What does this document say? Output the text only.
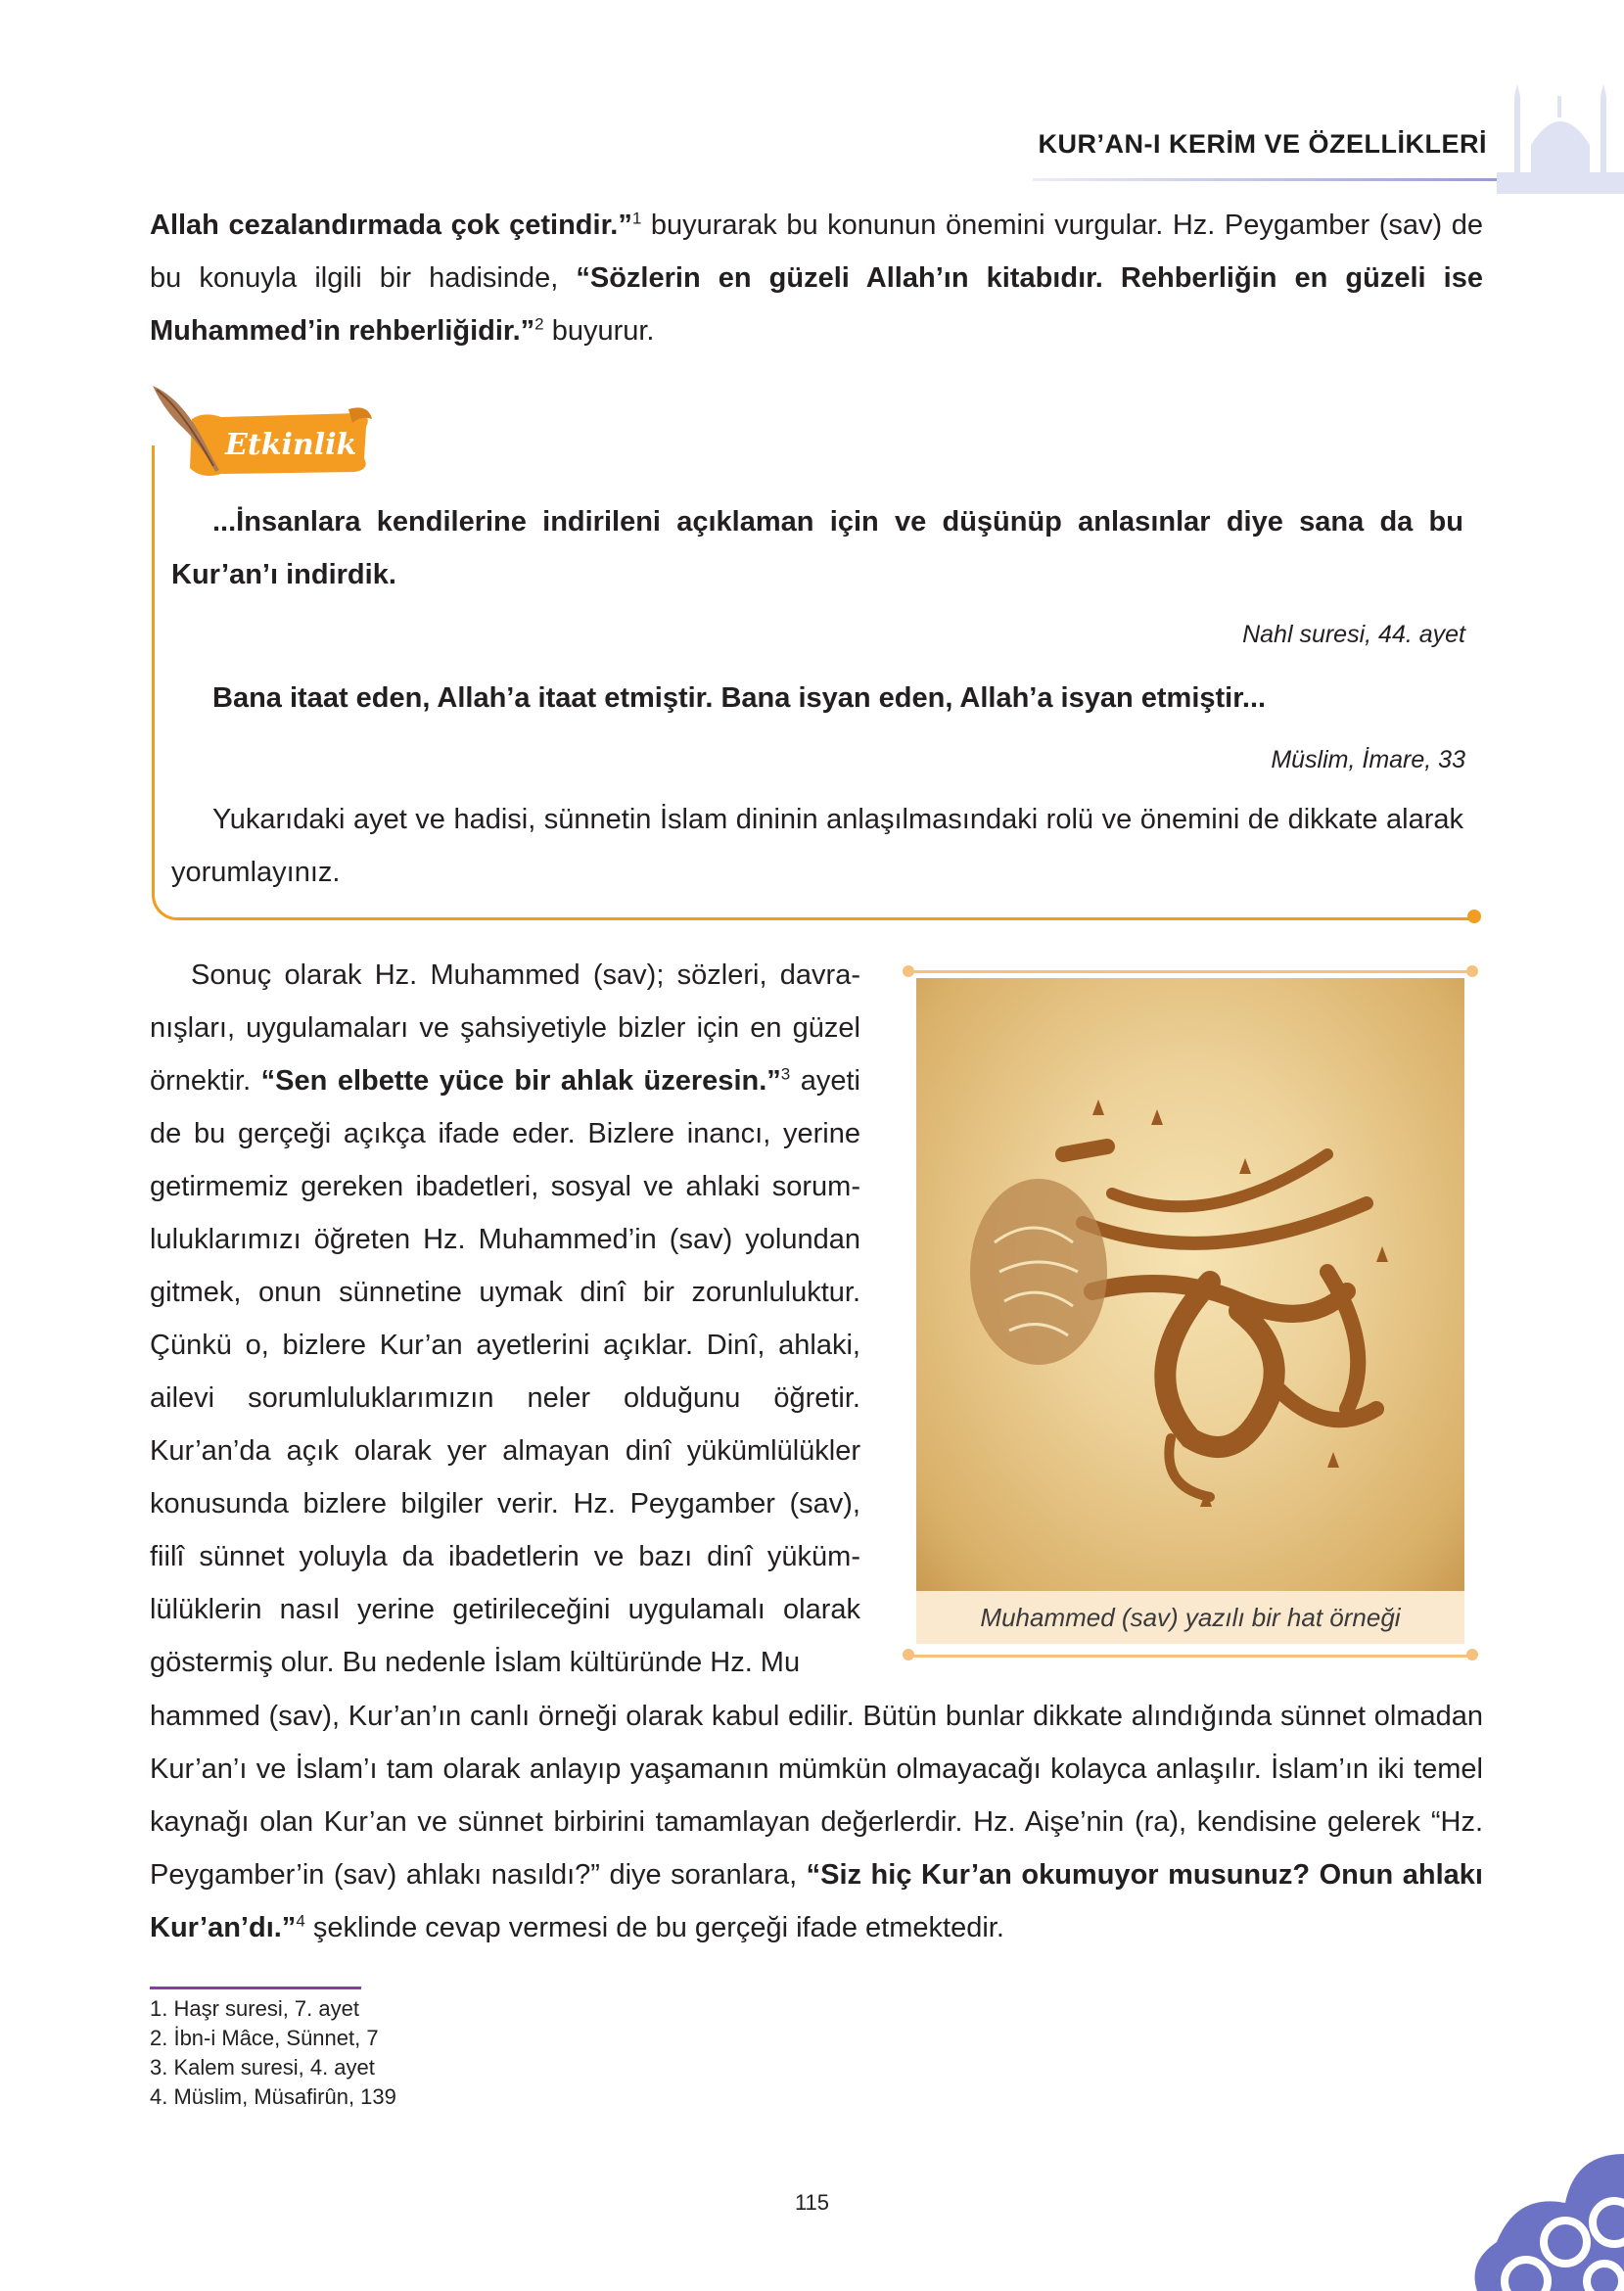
KUR’AN-I KERİM VE ÖZELLİKLERİ
Allah cezalandırmada çok çetindir.”$^1$ buyurarak bu konunun önemini vurgular. Hz. Peygamber (sav) de bu konuyla ilgili bir hadisinde, “Sözlerin en güzeli Allah’ın kitabıdır. Rehberliğin en güzeli ise Muhammed’in rehberliğidir.”$^2$ buyurur.
Etkinlik
...İnsanlara kendilerine indirileni açıklaman için ve düşünüp anlasınlar diye sana da bu Kur’an’ı indirdik.
Nahl suresi, 44. ayet
Bana itaat eden, Allah’a itaat etmiştir. Bana isyan eden, Allah’a isyan etmiştir...
Müslim, İmare, 33
Yukarıdaki ayet ve hadisi, sünnetin İslam dininin anlaşılmasındaki rolü ve önemini de dikkate alarak yorumlayınız.
Sonuç olarak Hz. Muhammed (sav); sözleri, davranışları, uygulamaları ve şahsiyetiyle bizler için en güzel örnektir. “Sen elbette yüce bir ahlak üzeresin.”$^3$ ayeti de bu gerçeği açıkça ifade eder. Bizlere inancı, yerine getirmemiz gereken ibadetleri, sosyal ve ahlaki sorumluluklarımızı öğreten Hz. Muhammed’in (sav) yolundan gitmek, onun sünnetine uymak dinî bir zorunluluktur. Çünkü o, bizlere Kur’an ayetlerini açıklar. Dinî, ahlaki, ailevi sorumluluklarımızın neler olduğunu öğretir. Kur’an’da açık olarak yer almayan dinî yükümlülükler konusunda bizlere bilgiler verir. Hz. Peygamber (sav), fiilî sünnet yoluyla da ibadetlerin ve bazı dinî yükümlülüklerin nasıl yerine getirileceğini uygulamalı olarak göstermiş olur. Bu nedenle İslam kültüründe Hz. Mu
hammed (sav), Kur’an’ın canlı örneği olarak kabul edilir. Bütün bunlar dikkate alındığında sünnet olmadan Kur’an’ı ve İslam’ı tam olarak anlayıp yaşamanın mümkün olmayacağı kolayca anlaşılır. İslam’ın iki temel kaynağı olan Kur’an ve sünnet birbirini tamamlayan değerlerdir. Hz. Aişe’nin (ra), kendisine gelerek “Hz. Peygamber’in (sav) ahlakı nasıldı?” diye soranlara, “Siz hiç Kur’an okumuyor musunuz? Onun ahlakı Kur’an’dı.”$^4$ şeklinde cevap vermesi de bu gerçeği ifade etmektedir.
Muhammed (sav) yazılı bir hat örneği
1. Haşr suresi, 7. ayet
2. İbn-i Mâce, Sünnet, 7
3. Kalem suresi, 4. ayet
4. Müslim, Müsafirûn, 139
115
